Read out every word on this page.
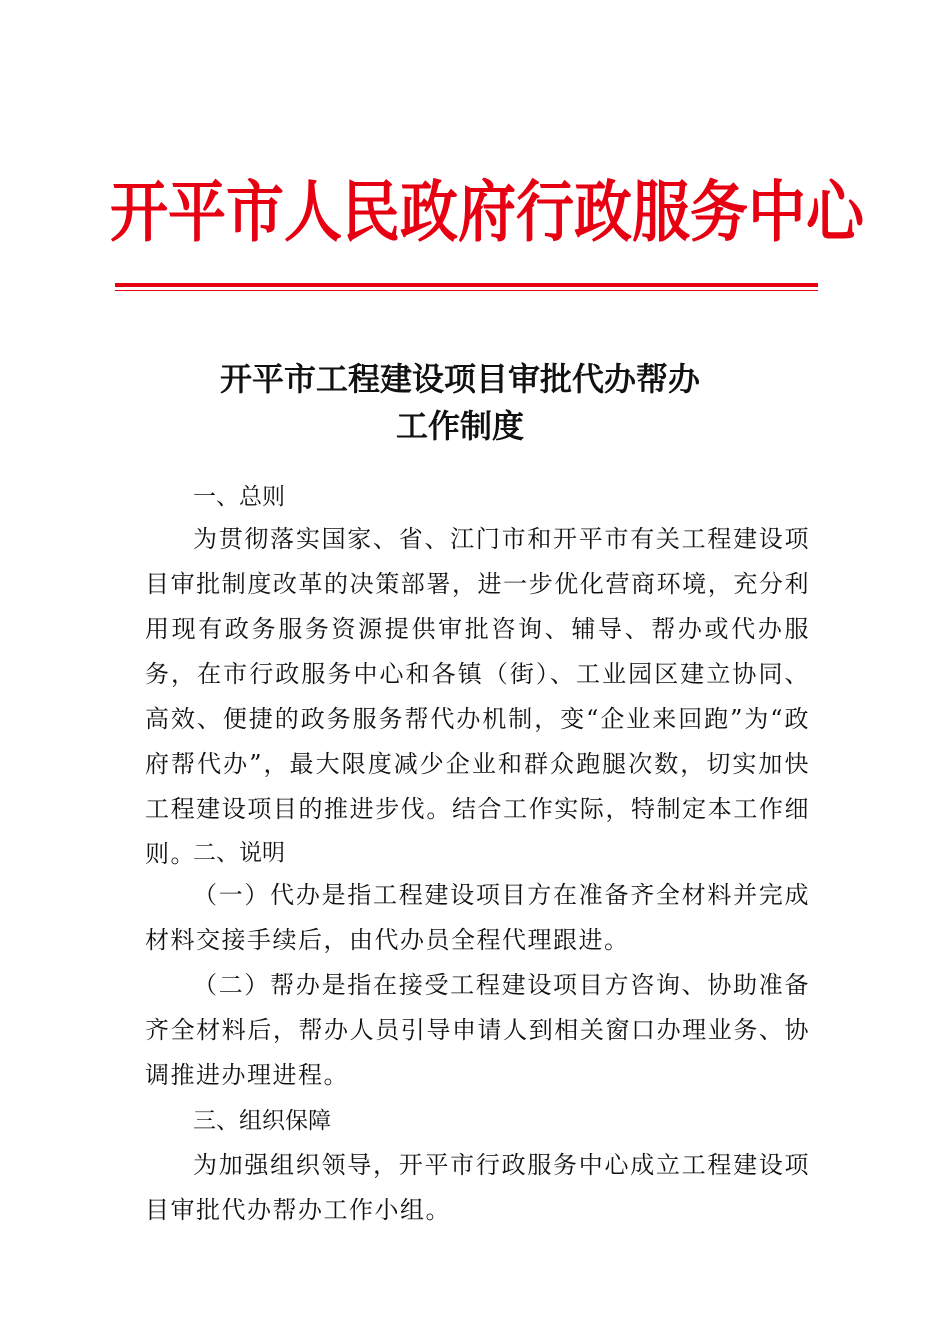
开平市人民政府行政服务中心
开平市工程建设项目审批代办帮办
工作制度
一、总则

为贯彻落实国家、省、江门市和开平市有关工程建设项目审批制度改革的决策部署，进一步优化营商环境，充分利用现有政务服务资源提供审批咨询、辅导、帮办或代办服务，在市行政服务中心和各镇（街）、工业园区建立协同、高效、便捷的政务服务帮代办机制，变“企业来回跑”为“政府帮代办”，最大限度减少企业和群众跑腿次数，切实加快工程建设项目的推进步伐。结合工作实际，特制定本工作细则。

二、说明

（一）代办是指工程建设项目方在准备齐全材料并完成材料交接手续后，由代办员全程代理跟进。

（二）帮办是指在接受工程建设项目方咨询、协助准备齐全材料后，帮办人员引导申请人到相关窗口办理业务、协调推进办理进程。

三、组织保障

为加强组织领导，开平市行政服务中心成立工程建设项目审批代办帮办工作小组。
